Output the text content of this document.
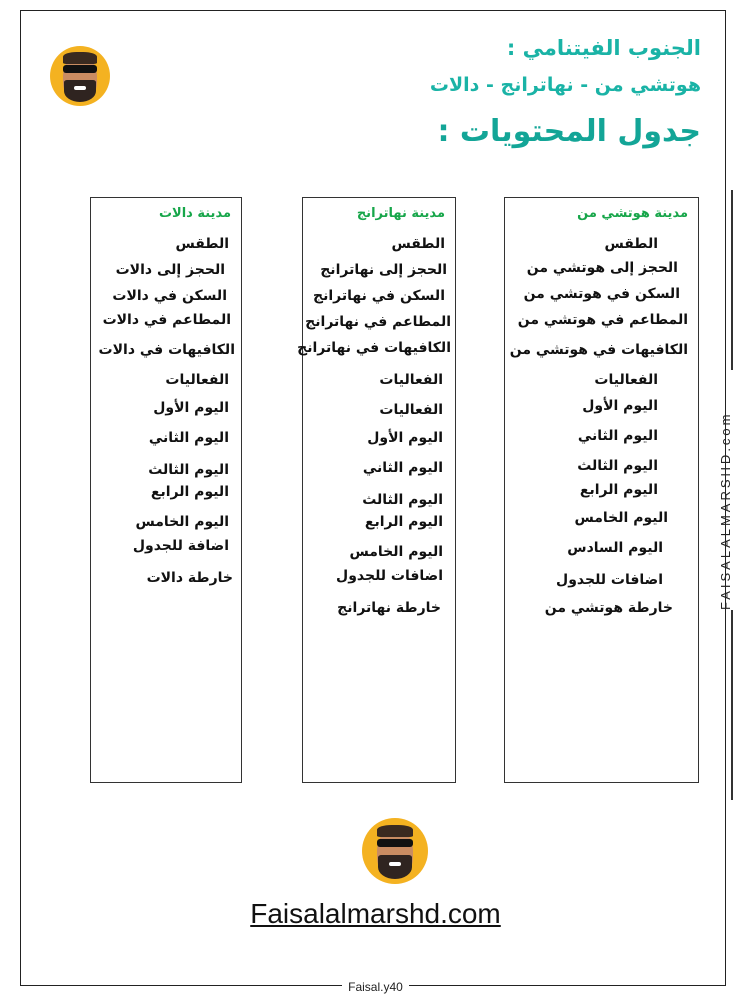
الجنوب الفيتنامي :
هوتشي من - نهاترانج - دالات
جدول المحتويات :
مدينة هوتشي من
الطقس
الحجز إلى هوتشي من
السكن في هوتشي من
المطاعم في هوتشي من
الكافيهات في هوتشي من
الفعاليات
اليوم الأول
اليوم الثاني
اليوم الثالث
اليوم الرابع
اليوم الخامس
اليوم السادس
اضافات للجدول
خارطة هوتشي من
مدينة نهاترانج
الطقس
الحجز إلى نهاترانج
السكن في نهاترانج
المطاعم في نهاترانج
الكافيهات في نهاترانج
الفعاليات
الفعاليات
اليوم الأول
اليوم الثاني
اليوم الثالث
اليوم الرابع
اليوم الخامس
اضافات للجدول
خارطة نهاترانج
مدينة دالات
الطقس
الحجز إلى دالات
السكن في دالات
المطاعم في دالات
الكافيهات في دالات
الفعاليات
اليوم الأول
اليوم الثاني
اليوم الثالث
اليوم الرابع
اليوم الخامس
اضافة للجدول
خارطة دالات
Faisalalmarshd.com
FAISALALMARSHD.com
Faisal.y40
